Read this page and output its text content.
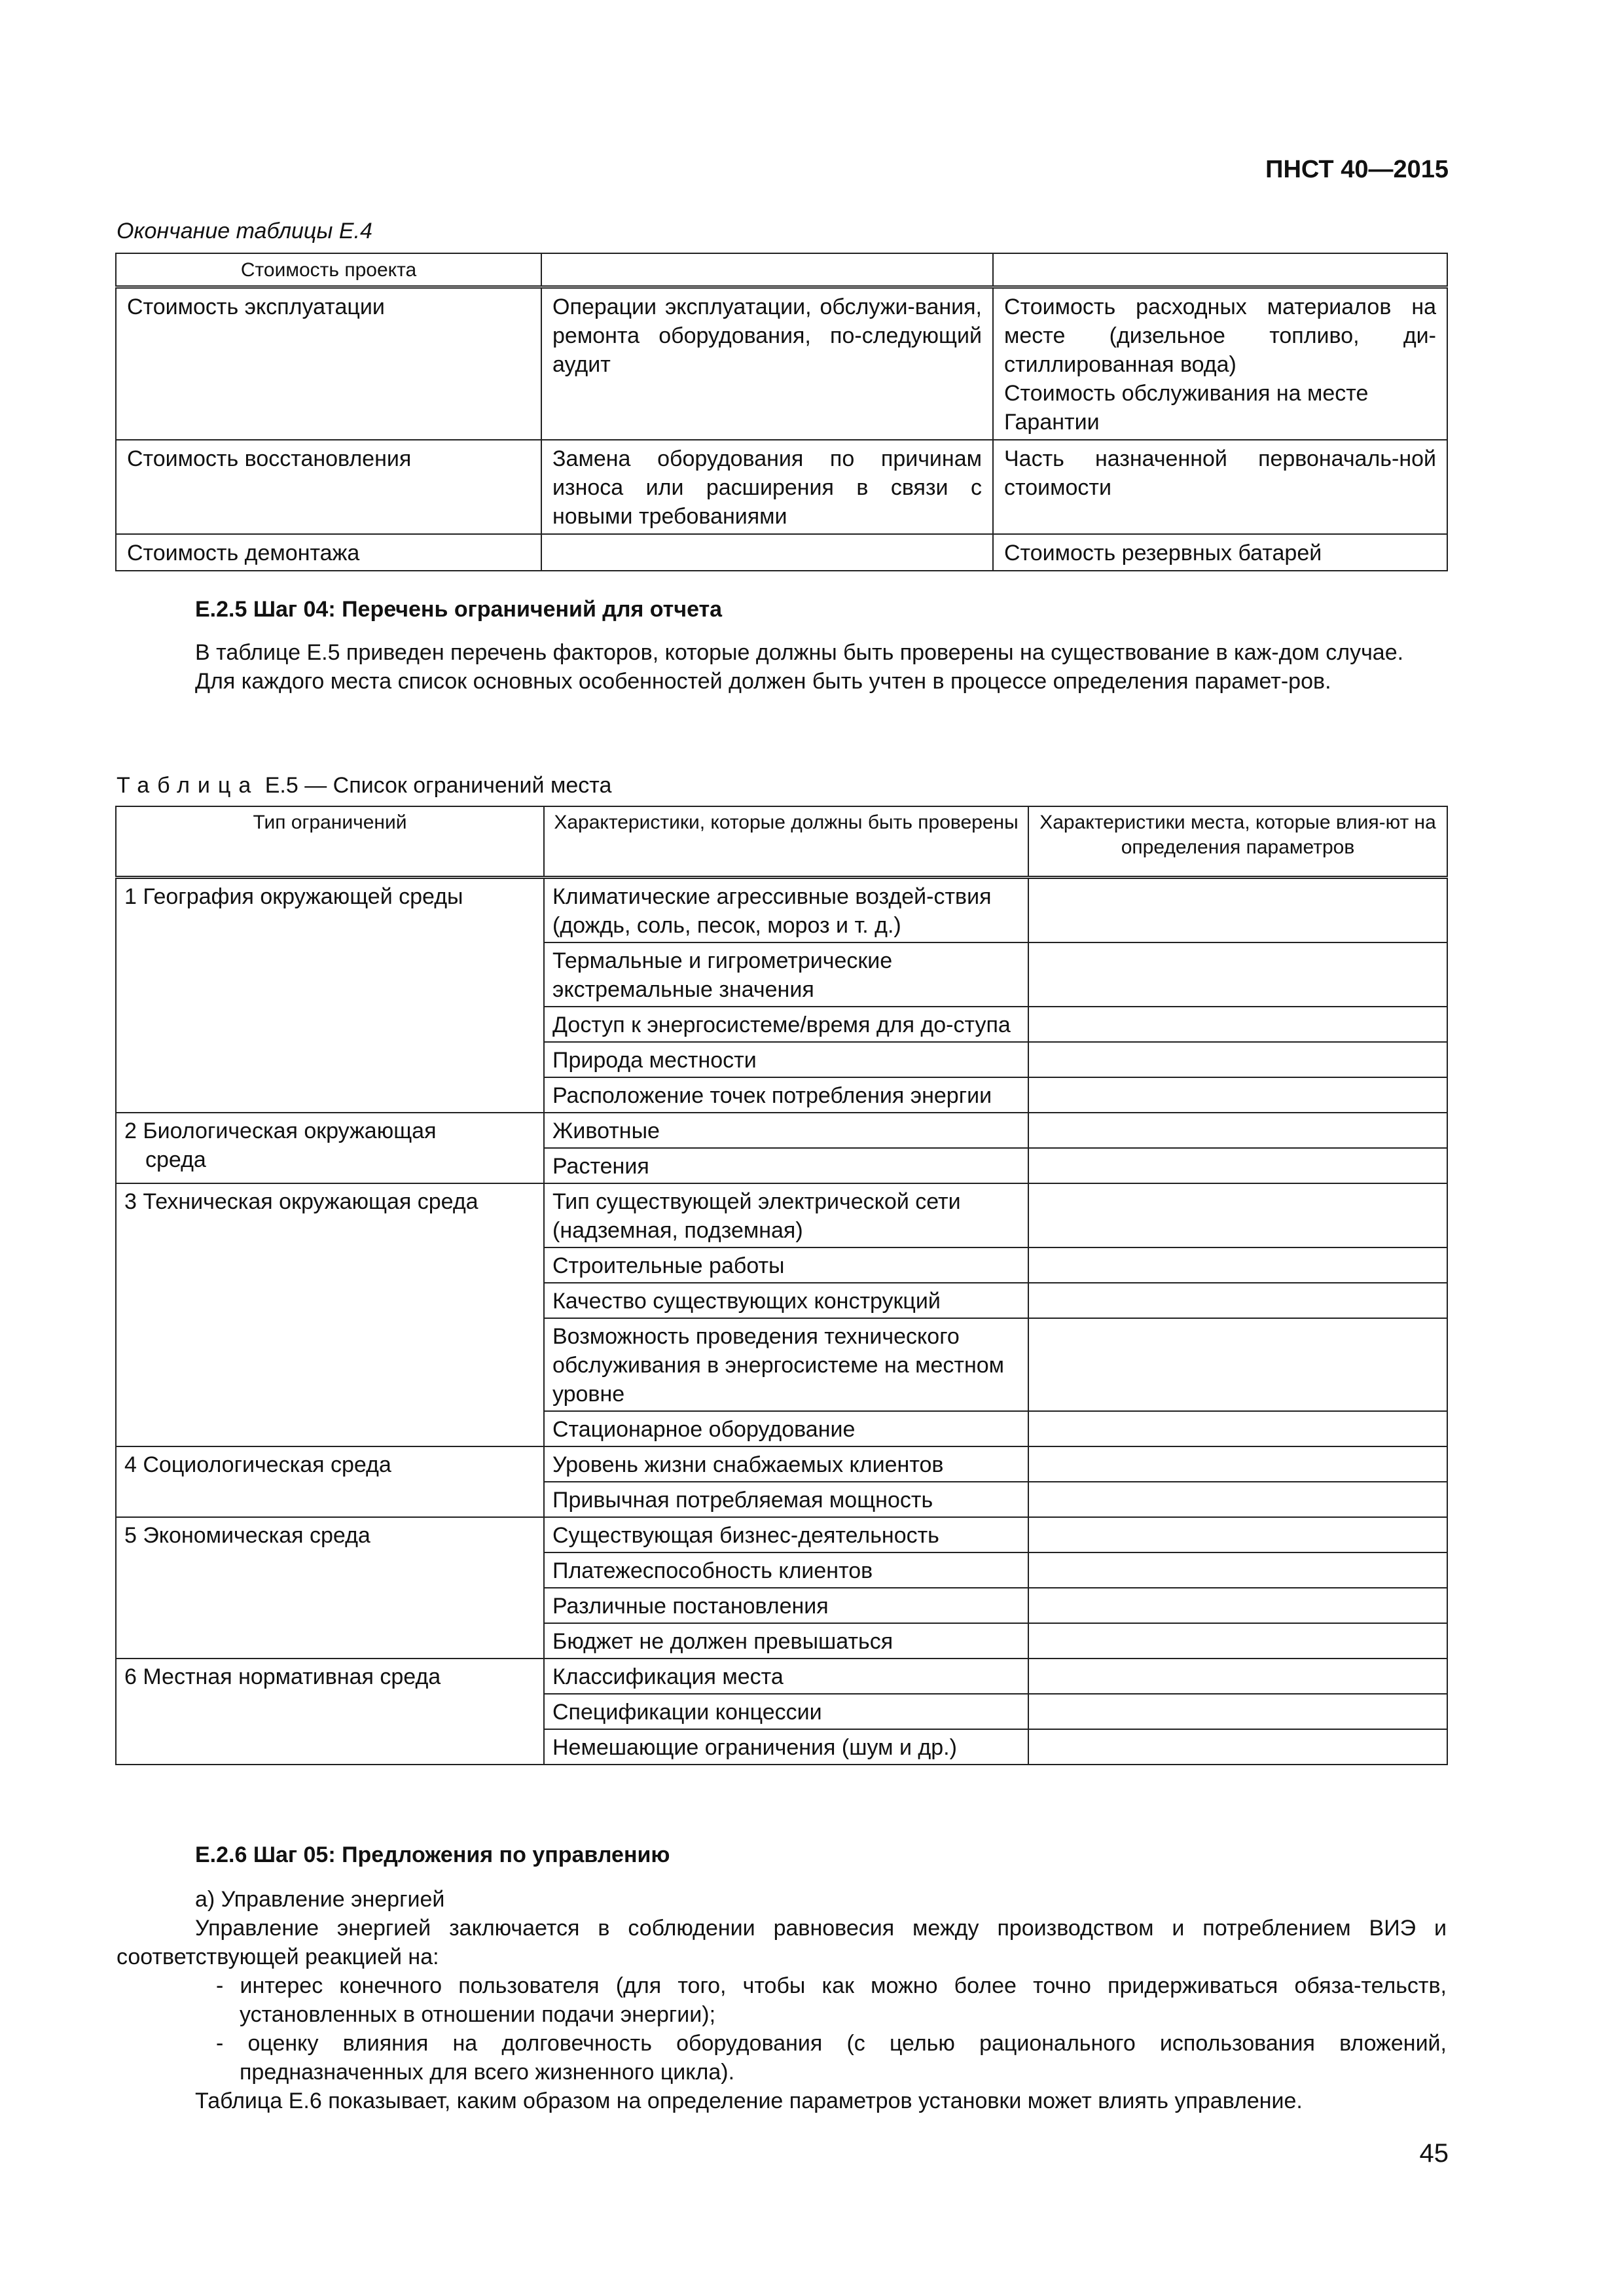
ПНСТ 40—2015
Окончание таблицы Е.4
Стоимость проекта		
Стоимость эксплуатации	Операции эксплуатации, обслужи-вания, ремонта оборудования, по-следующий аудит	Стоимость расходных материалов на месте (дизельное топливо, ди-стиллированная вода)
Стоимость обслуживания на месте
Гарантии

Стоимость восстановления	Замена оборудования по причинам износа или расширения в связи с новыми требованиями	Часть назначенной первоначаль-ной стоимости
Стоимость демонтажа		Стоимость резервных батарей
Е.2.5 Шаг 04: Перечень ограничений для отчета
В таблице Е.5 приведен перечень факторов, которые должны быть проверены на существование в каж-дом случае.
Для каждого места список основных особенностей должен быть учтен в процессе определения парамет-ров.
Таблица Е.5 — Список ограничений места
Тип ограничений	Характеристики, которые должны быть проверены	Характеристики места, которые влия-ют на определения параметров

1 География окружающей среды	Климатические агрессивные воздей-ствия (дождь, соль, песок, мороз и т. д.)	
	Термальные и гигрометрические экстремальные значения	
	Доступ к энергосистеме/время для до-ступа	
	Природа местности	
	Расположение точек потребления энергии	

2 Биологическая окружающая
среда	Животные	
	Растения	

3 Техническая окружающая среда	Тип существующей электрической сети (надземная, подземная)	
	Строительные работы	
	Качество существующих конструкций	
	Возможность проведения технического обслуживания в энергосистеме на местном уровне	
	Стационарное оборудование	

4 Социологическая среда	Уровень жизни снабжаемых клиентов	
	Привычная потребляемая мощность	

5 Экономическая среда	Существующая бизнес-деятельность	
	Платежеспособность клиентов	
	Различные постановления	
	Бюджет не должен превышаться	

6 Местная нормативная среда	Классификация места	
	Спецификации концессии	
	Немешающие ограничения (шум и др.)	
Е.2.6 Шаг 05: Предложения по управлению
а) Управление энергией
Управление энергией заключается в соблюдении равновесия между производством и потреблением ВИЭ и соответствующей реакцией на:
- интерес конечного пользователя (для того, чтобы как можно более точно придерживаться обяза-тельств, установленных в отношении подачи энергии);
- оценку влияния на долговечность оборудования (с целью рационального использования вложений, предназначенных для всего жизненного цикла).
Таблица Е.6 показывает, каким образом на определение параметров установки может влиять управление.
45
